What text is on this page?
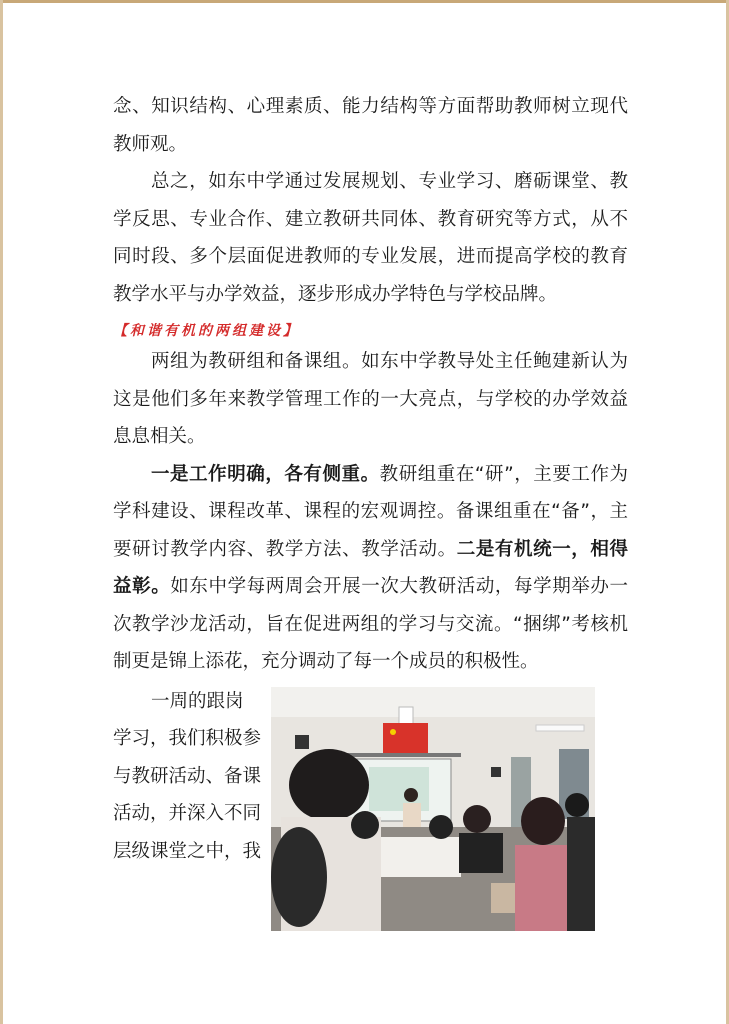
念、知识结构、心理素质、能力结构等方面帮助教师树立现代教师观。

总之，如东中学通过发展规划、专业学习、磨砺课堂、教学反思、专业合作、建立教研共同体、教育研究等方式，从不同时段、多个层面促进教师的专业发展，进而提高学校的教育教学水平与办学效益，逐步形成办学特色与学校品牌。

【和谐有机的两组建设】

两组为教研组和备课组。如东中学教导处主任鲍建新认为这是他们多年来教学管理工作的一大亮点，与学校的办学效益息息相关。

一是工作明确，各有侧重。教研组重在“研”，主要工作为学科建设、课程改革、课程的宏观调控。备课组重在“备”，主要研讨教学内容、教学方法、教学活动。二是有机统一，相得益彰。如东中学每两周会开展一次大教研活动，每学期举办一次教学沙龙活动，旨在促进两组的学习与交流。“捆绑”考核机制更是锦上添花，充分调动了每一个成员的积极性。

一周的跟岗

学习，我们积极参

与教研活动、备课

活动，并深入不同

层级课堂之中，我
